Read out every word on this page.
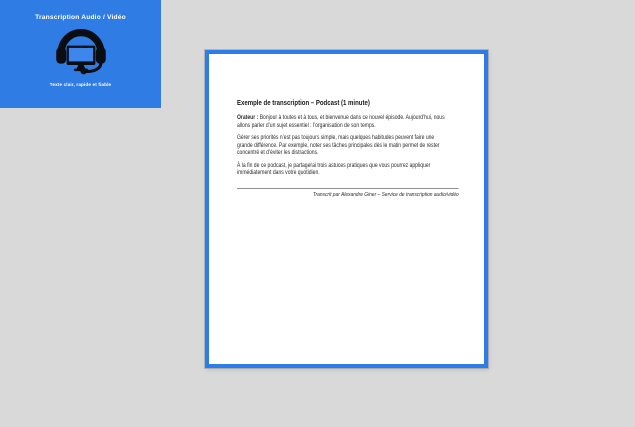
Transcription Audio / Vidéo
Texte clair, rapide et fiable
Exemple de transcription – Podcast (1 minute)

Orateur : Bonjour à toutes et à tous, et bienvenue dans ce nouvel épisode. Aujourd’hui, nous
allons parler d’un sujet essentiel : l’organisation de son temps.

Gérer ses priorités n’est pas toujours simple, mais quelques habitudes peuvent faire une
grande différence. Par exemple, noter ses tâches principales dès le matin permet de rester
concentré et d’éviter les distractions.

À la fin de ce podcast, je partagerai trois astuces pratiques que vous pourrez appliquer
immédiatement dans votre quotidien.

Transcrit par Alexandre Giner – Service de transcription audio/vidéo
